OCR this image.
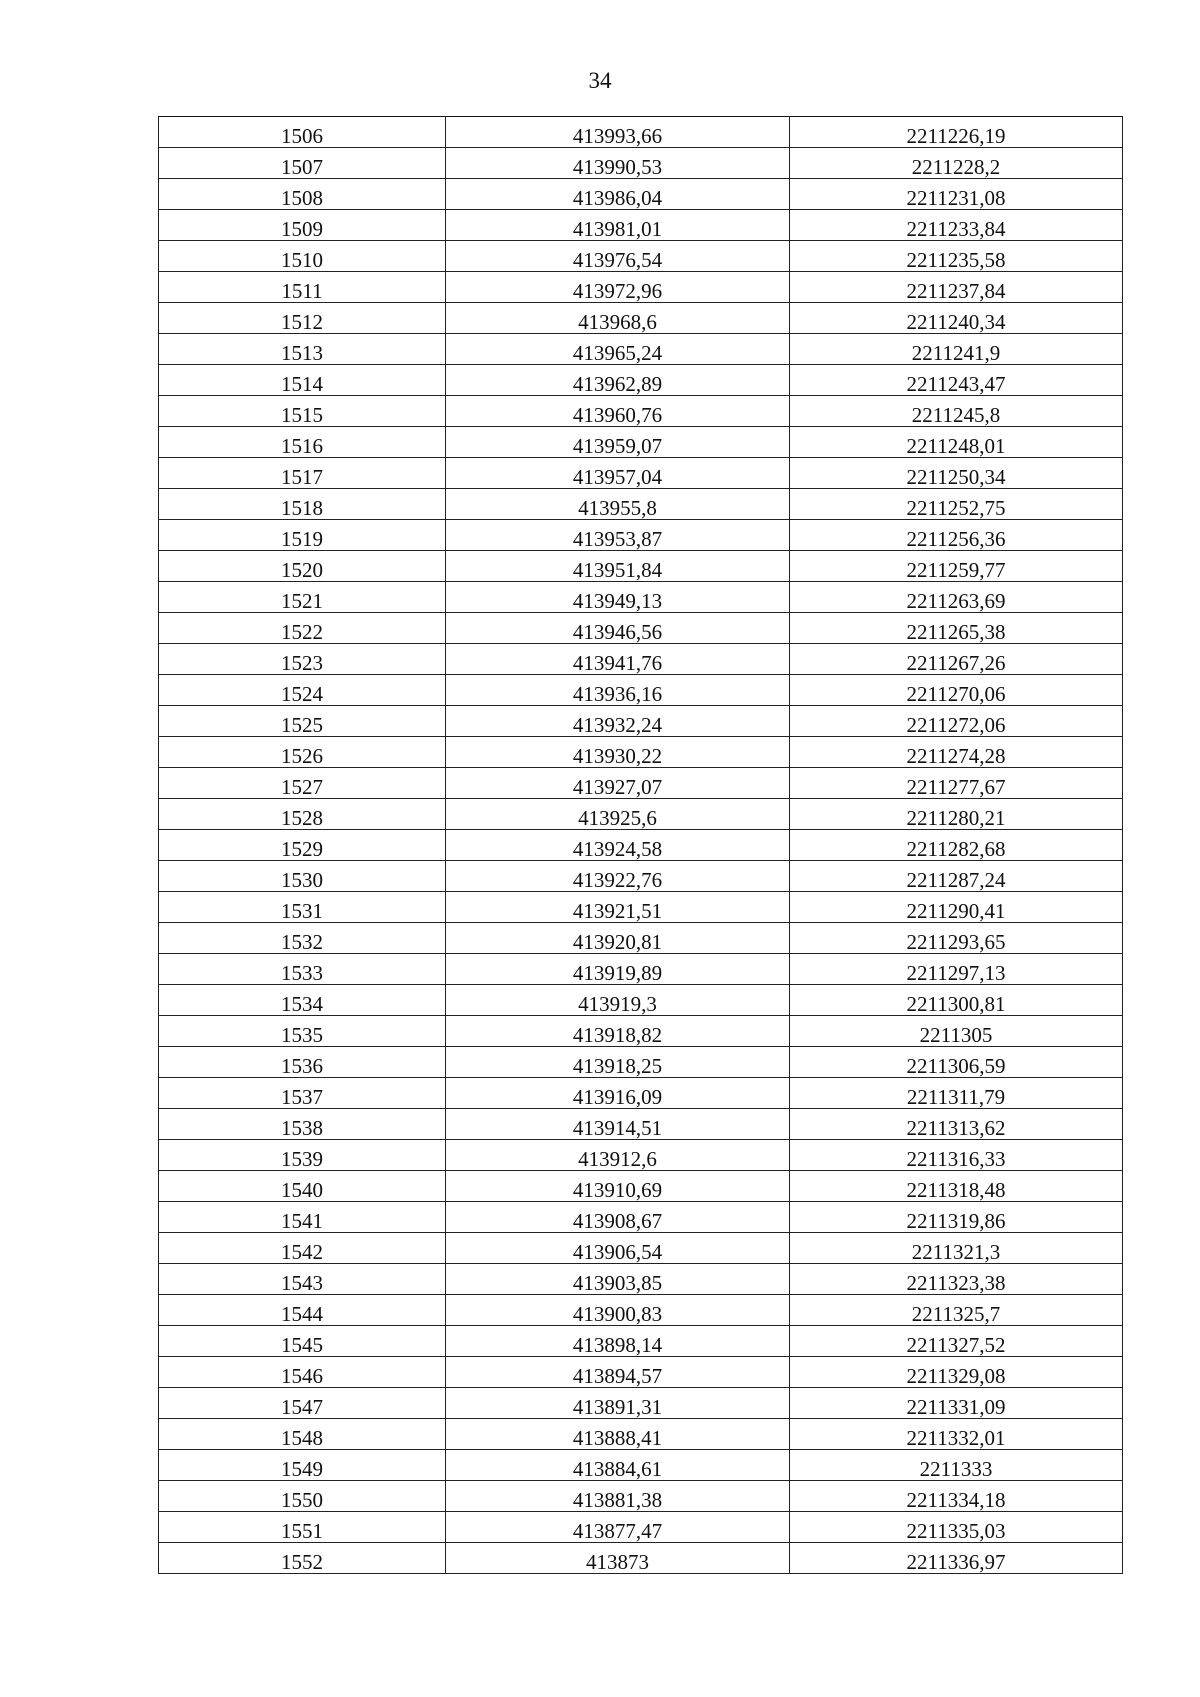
34
1506	413993,66	2211226,19
1507	413990,53	2211228,2
1508	413986,04	2211231,08
1509	413981,01	2211233,84
1510	413976,54	2211235,58
1511	413972,96	2211237,84
1512	413968,6	2211240,34
1513	413965,24	2211241,9
1514	413962,89	2211243,47
1515	413960,76	2211245,8
1516	413959,07	2211248,01
1517	413957,04	2211250,34
1518	413955,8	2211252,75
1519	413953,87	2211256,36
1520	413951,84	2211259,77
1521	413949,13	2211263,69
1522	413946,56	2211265,38
1523	413941,76	2211267,26
1524	413936,16	2211270,06
1525	413932,24	2211272,06
1526	413930,22	2211274,28
1527	413927,07	2211277,67
1528	413925,6	2211280,21
1529	413924,58	2211282,68
1530	413922,76	2211287,24
1531	413921,51	2211290,41
1532	413920,81	2211293,65
1533	413919,89	2211297,13
1534	413919,3	2211300,81
1535	413918,82	2211305
1536	413918,25	2211306,59
1537	413916,09	2211311,79
1538	413914,51	2211313,62
1539	413912,6	2211316,33
1540	413910,69	2211318,48
1541	413908,67	2211319,86
1542	413906,54	2211321,3
1543	413903,85	2211323,38
1544	413900,83	2211325,7
1545	413898,14	2211327,52
1546	413894,57	2211329,08
1547	413891,31	2211331,09
1548	413888,41	2211332,01
1549	413884,61	2211333
1550	413881,38	2211334,18
1551	413877,47	2211335,03
1552	413873	2211336,97
